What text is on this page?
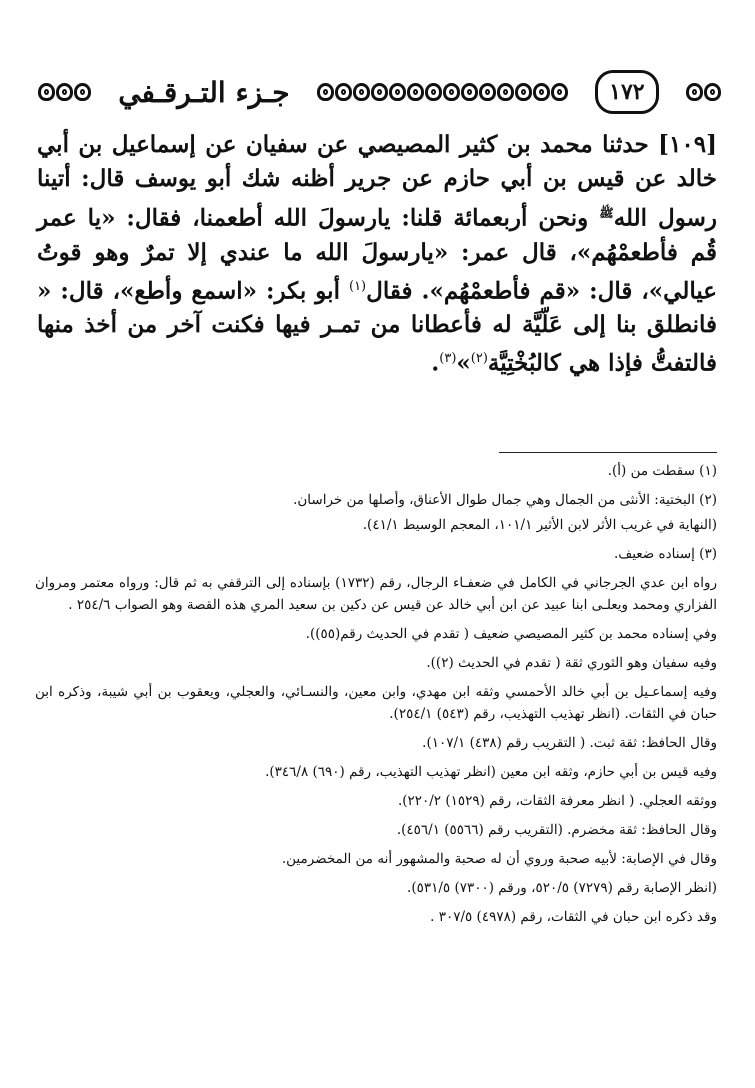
١٧٢
جـزء التـرقـفي

[١٠٩] حدثنا محمد بن كثير المصيصي عن سفيان عن إسماعيل بن أبي خالد عن قيس بن أبي حازم عن جرير أظنه شك أبو يوسف قال: أتينا رسول الله$^ﷺ$ ونحن أربعمائة قلنا: يارسولَ الله أطعمنا، فقال: «يا عمر قُم فأطعمْهُم»، قال عمر: «يارسولَ الله ما عندي إلا تمرٌ وهو قوتُ عيالي»، قال: «قم فأطعمْهُم». فقال$^{(١)}$ أبو بكر: «اسمع وأطع»، قال: « فانطلق بنا إلى عَلّيَّة له فأعطانا من تمـر فيها فكنت آخر من أخذ منها فالتفتُّ فإذا هي كالبُخْتِيَّة$^{(٢)}$»$^{(٣)}$.

(١) سقطت من (أ).

(٢) البختية: الأنثى من الجمال وهي جمال طوال الأعناق، وأصلها من خراسان.

(النهاية في غريب الأثر لابن الأثير ١٠١/١، المعجم الوسيط ٤١/١).

(٣) إسناده ضعيف.

رواه ابن عدي الجرجاني في الكامل في ضعفـاء الرجال، رقم (١٧٣٢) بإسناده إلى الترقفي به ثم قال: ورواه معتمر ومروان الفزاري ومحمد ويعلـى ابنا عبيد عن ابن أبي خالد عن قيس عن دكين بن سعيد المري هذه القصة وهو الصواب ٢٥٤/٦ .

وفي إسناده محمد بن كثير المصيصي ضعيف ( تقدم في الحديث رقم(٥٥)).

وفيه سفيان وهو الثوري ثقة ( تقدم في الحديث (٢)).

وفيه إسماعـيل بن أبي خالد الأحمسي وثقه ابن مهدي، وابن معين، والنسـائي، والعجلي، ويعقوب بن أبي شيبة، وذكره ابن حبان في الثقات. (انظر تهذيب التهذيب، رقم (٥٤٣) ٢٥٤/١).

وقال الحافظ: ثقة ثبت. ( التقريب رقم (٤٣٨) ١٠٧/١).

وفيه قيس بن أبي حازم، وثقه ابن معين (انظر تهذيب التهذيب، رقم (٦٩٠) ٣٤٦/٨).

ووثقه العجلي. ( انظر معرفة الثقات، رقم (١٥٢٩) ٢٢٠/٢).

وقال الحافظ: ثقة مخضرم. (التقريب رقم (٥٥٦٦) ٤٥٦/١).

وقال في الإصابة: لأبيه صحبة وروي أن له صحبة والمشهور أنه من المخضرمين.

(انظر الإصابة رقم (٧٢٧٩) ٥٢٠/٥، ورقم (٧٣٠٠) ٥٣١/٥).

وقد ذكره ابن حبان في الثقات، رقم (٤٩٧٨) ٣٠٧/٥ .
